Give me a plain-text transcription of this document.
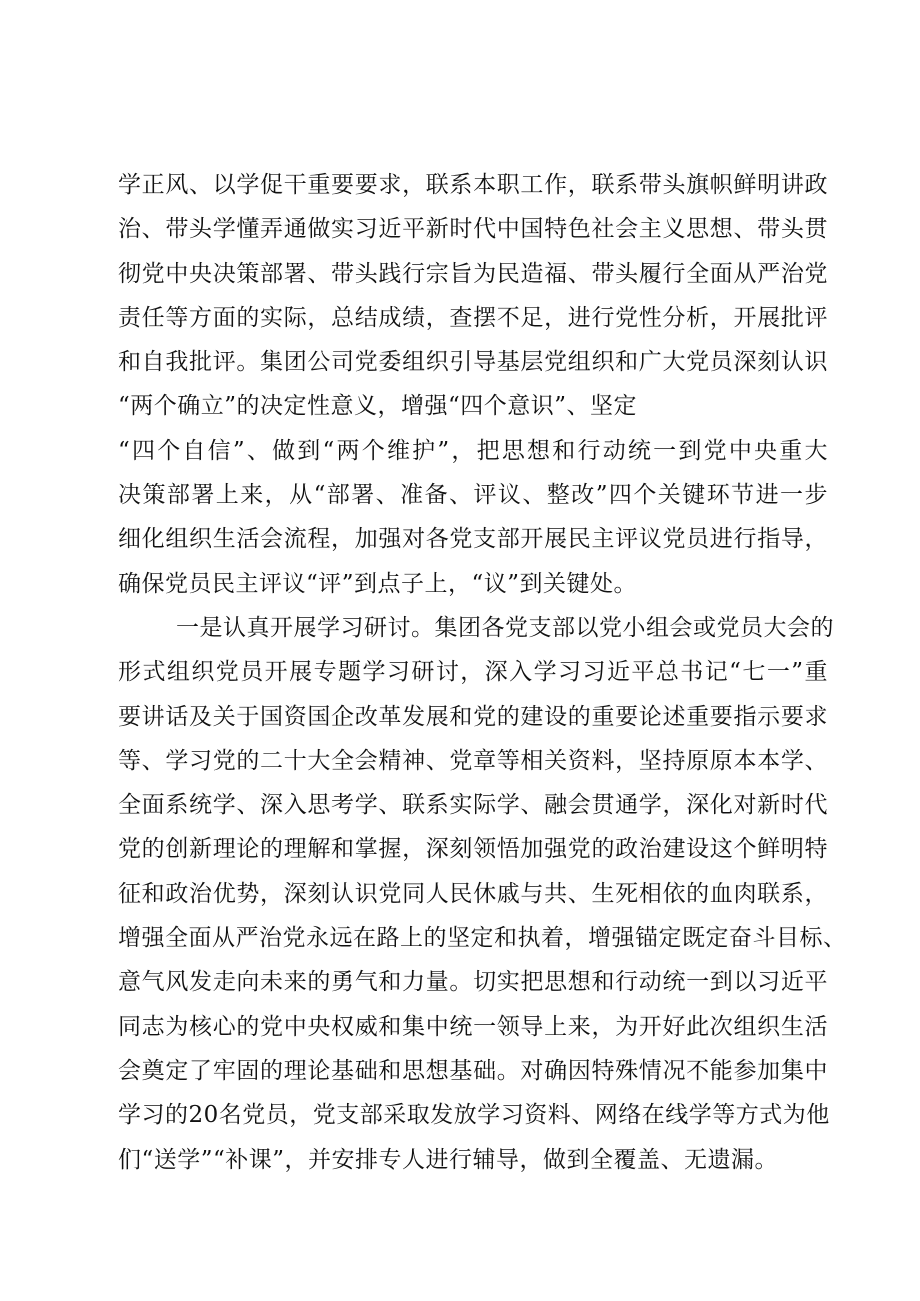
学正风、以学促干重要要求，联系本职工作，联系带头旗帜鲜明讲政
治、带头学懂弄通做实习近平新时代中国特色社会主义思想、带头贯
彻党中央决策部署、带头践行宗旨为民造福、带头履行全面从严治党
责任等方面的实际，总结成绩，查摆不足，进行党性分析，开展批评
和自我批评。集团公司党委组织引导基层党组织和广大党员深刻认识
“两个确立”的决定性意义，增强“四个意识”、坚定
“四个自信”、做到“两个维护”，把思想和行动统一到党中央重大
决策部署上来，从“部署、准备、评议、整改”四个关键环节进一步
细化组织生活会流程，加强对各党支部开展民主评议党员进行指导，
确保党员民主评议“评”到点子上，“议”到关键处。
一是认真开展学习研讨。集团各党支部以党小组会或党员大会的
形式组织党员开展专题学习研讨，深入学习习近平总书记“七一”重
要讲话及关于国资国企改革发展和党的建设的重要论述重要指示要求
等、学习党的二十大全会精神、党章等相关资料，坚持原原本本学、
全面系统学、深入思考学、联系实际学、融会贯通学，深化对新时代
党的创新理论的理解和掌握，深刻领悟加强党的政治建设这个鲜明特
征和政治优势，深刻认识党同人民休戚与共、生死相依的血肉联系，
增强全面从严治党永远在路上的坚定和执着，增强锚定既定奋斗目标、
意气风发走向未来的勇气和力量。切实把思想和行动统一到以习近平
同志为核心的党中央权威和集中统一领导上来，为开好此次组织生活
会奠定了牢固的理论基础和思想基础。对确因特殊情况不能参加集中
学习的20名党员，党支部采取发放学习资料、网络在线学等方式为他
们“送学”“补课”，并安排专人进行辅导，做到全覆盖、无遗漏。
